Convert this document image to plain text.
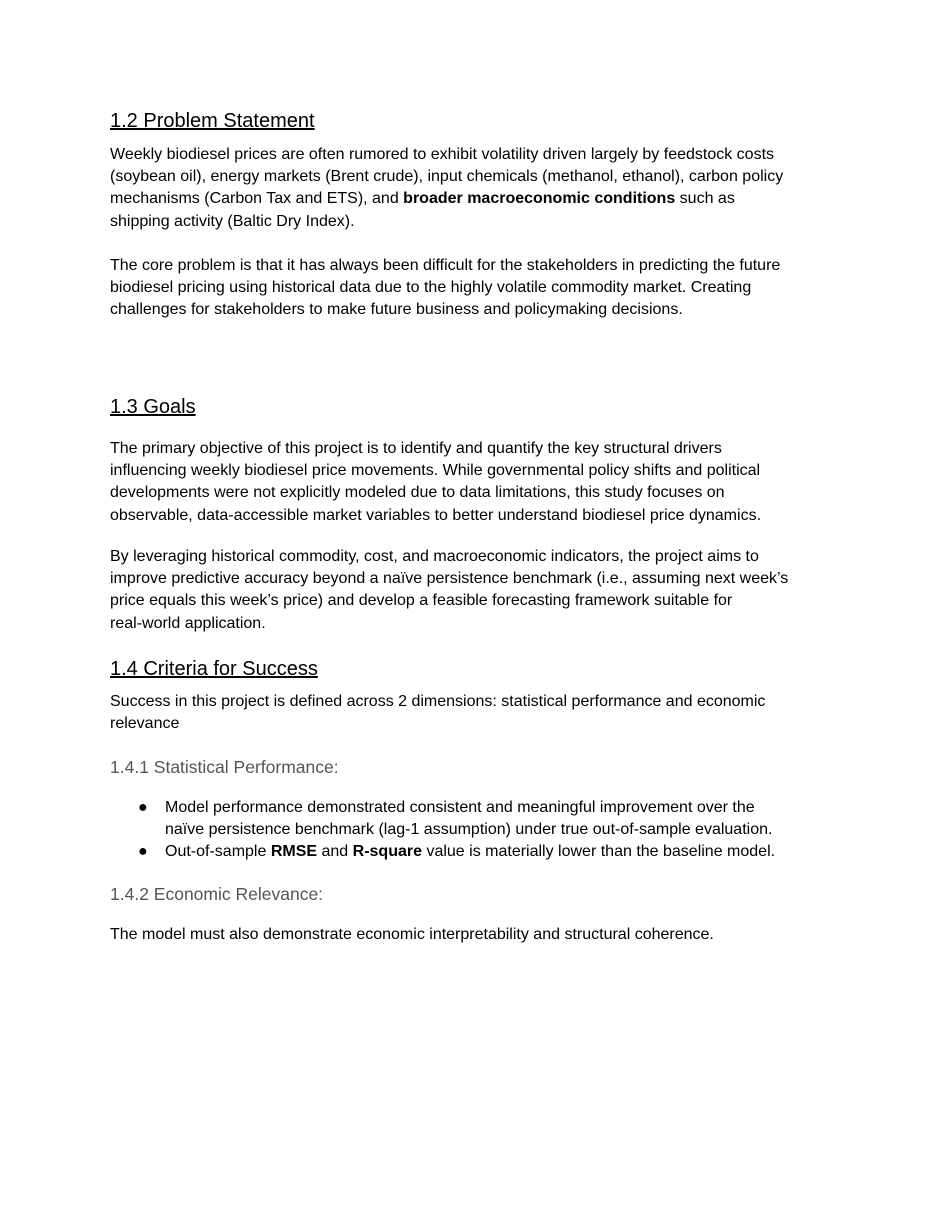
1.2 Problem Statement

Weekly biodiesel prices are often rumored to exhibit volatility driven largely by feedstock costs
(soybean oil), energy markets (Brent crude), input chemicals (methanol, ethanol), carbon policy
mechanisms (Carbon Tax and ETS), and broader macroeconomic conditions such as
shipping activity (Baltic Dry Index).

The core problem is that it has always been difficult for the stakeholders in predicting the future
biodiesel pricing using historical data due to the highly volatile commodity market. Creating
challenges for stakeholders to make future business and policymaking decisions.

1.3 Goals

The primary objective of this project is to identify and quantify the key structural drivers
influencing weekly biodiesel price movements. While governmental policy shifts and political
developments were not explicitly modeled due to data limitations, this study focuses on
observable, data-accessible market variables to better understand biodiesel price dynamics.

By leveraging historical commodity, cost, and macroeconomic indicators, the project aims to
improve predictive accuracy beyond a naïve persistence benchmark (i.e., assuming next week’s
price equals this week’s price) and develop a feasible forecasting framework suitable for
real-world application.

1.4 Criteria for Success

Success in this project is defined across 2 dimensions: statistical performance and economic
relevance

1.4.1 Statistical Performance:
● Model performance demonstrated consistent and meaningful improvement over the
naïve persistence benchmark (lag-1 assumption) under true out-of-sample evaluation.
● Out-of-sample RMSE and R-square value is materially lower than the baseline model.
1.4.2 Economic Relevance:

The model must also demonstrate economic interpretability and structural coherence.
